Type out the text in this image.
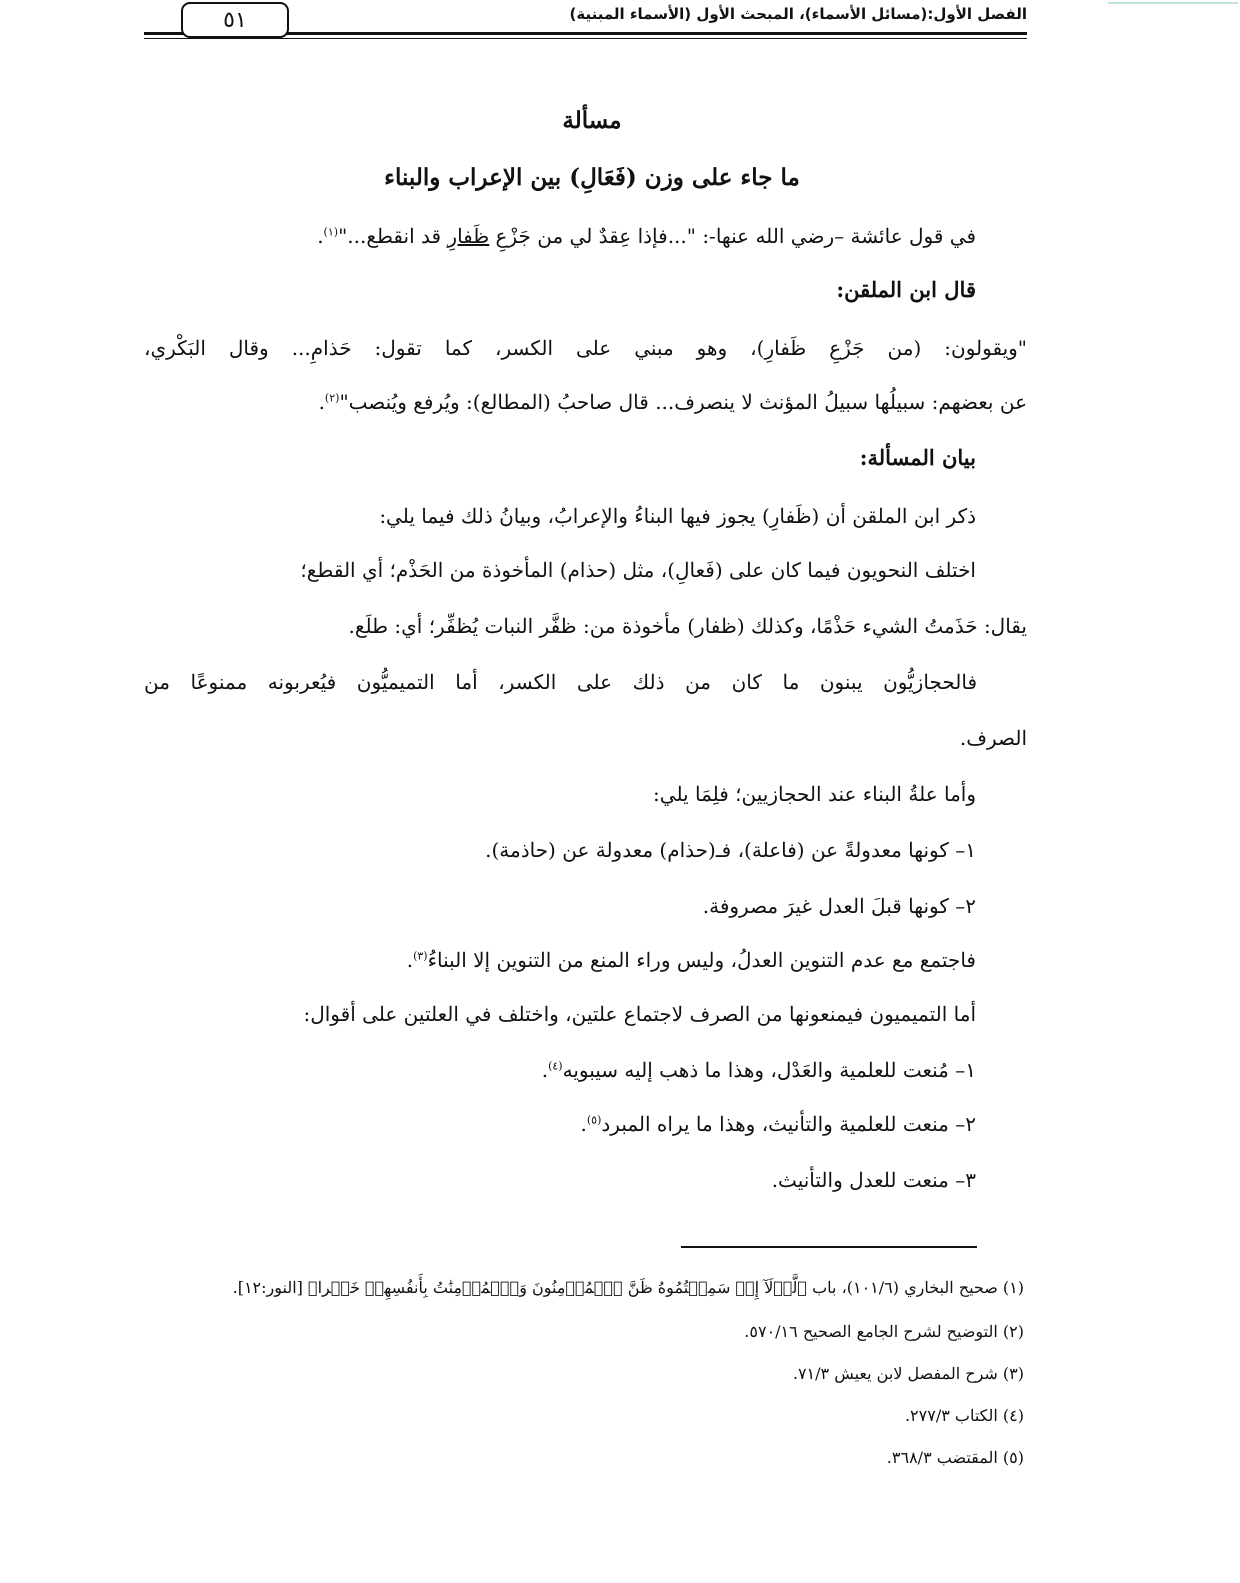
الفصل الأول:(مسائل الأسماء)، المبحث الأول (الأسماء المبنية)
٥١
مسألة
ما جاء على وزن (فَعَالِ) بين الإعراب والبناء
في قول عائشة –رضي الله عنها-: "...فإذا عِقدٌ لي من جَزْعِ ظَفارِ قد انقطع..."$^{(١)}$.
قال ابن الملقن:
"ويقولون: (من جَزْعِ ظَفارِ)، وهو مبني على الكسر، كما تقول: حَذامِ... وقال البَكْري،
عن بعضهم: سبيلُها سبيلُ المؤنث لا ينصرف... قال صاحبُ (المطالع): ويُرفع ويُنصب"$^{(٢)}$.
بيان المسألة:
ذكر ابن الملقن أن (ظَفارِ) يجوز فيها البناءُ والإعرابُ، وبيانُ ذلك فيما يلي:
اختلف النحويون فيما كان على (فَعالِ)، مثل (حذام) المأخوذة من الحَذْم؛ أي القطع؛
يقال: حَذَمتُ الشيء حَذْمًا، وكذلك (ظفار) مأخوذة من: ظفَّر النبات يُظفِّر؛ أي: طلَع.
فالحجازيُّون يبنون ما كان من ذلك على الكسر، أما التميميُّون فيُعربونه ممنوعًا من
الصرف.
وأما علةُ البناء عند الحجازيين؛ فلِمَا يلي:
١– كونها معدولةً عن (فاعلة)، فـ(حذام) معدولة عن (حاذمة).
٢– كونها قبلَ العدل غيرَ مصروفة.
فاجتمع مع عدم التنوين العدلُ، وليس وراء المنع من التنوين إلا البناءُ$^{(٣)}$.
أما التميميون فيمنعونها من الصرف لاجتماع علتين، واختلف في العلتين على أقوال:
١– مُنعت للعلمية والعَدْل، وهذا ما ذهب إليه سيبويه$^{(٤)}$.
٢– منعت للعلمية والتأنيث، وهذا ما يراه المبرد$^{(٥)}$.
٣– منعت للعدل والتأنيث.
(١) صحيح البخاري (١٠١/٦)، باب ﴿لَّوۡلَآ إِذۡ سَمِعۡتُمُوهُ ظَنَّ ٱلۡمُؤۡمِنُونَ وَٱلۡمُؤۡمِنَٰتُ بِأَنفُسِهِمۡ خَيۡرا﴾ [النور:١٢].
(٢) التوضيح لشرح الجامع الصحيح ٥٧٠/١٦.
(٣) شرح المفصل لابن يعيش ٧١/٣.
(٤) الكتاب ٢٧٧/٣.
(٥) المقتضب ٣٦٨/٣.
